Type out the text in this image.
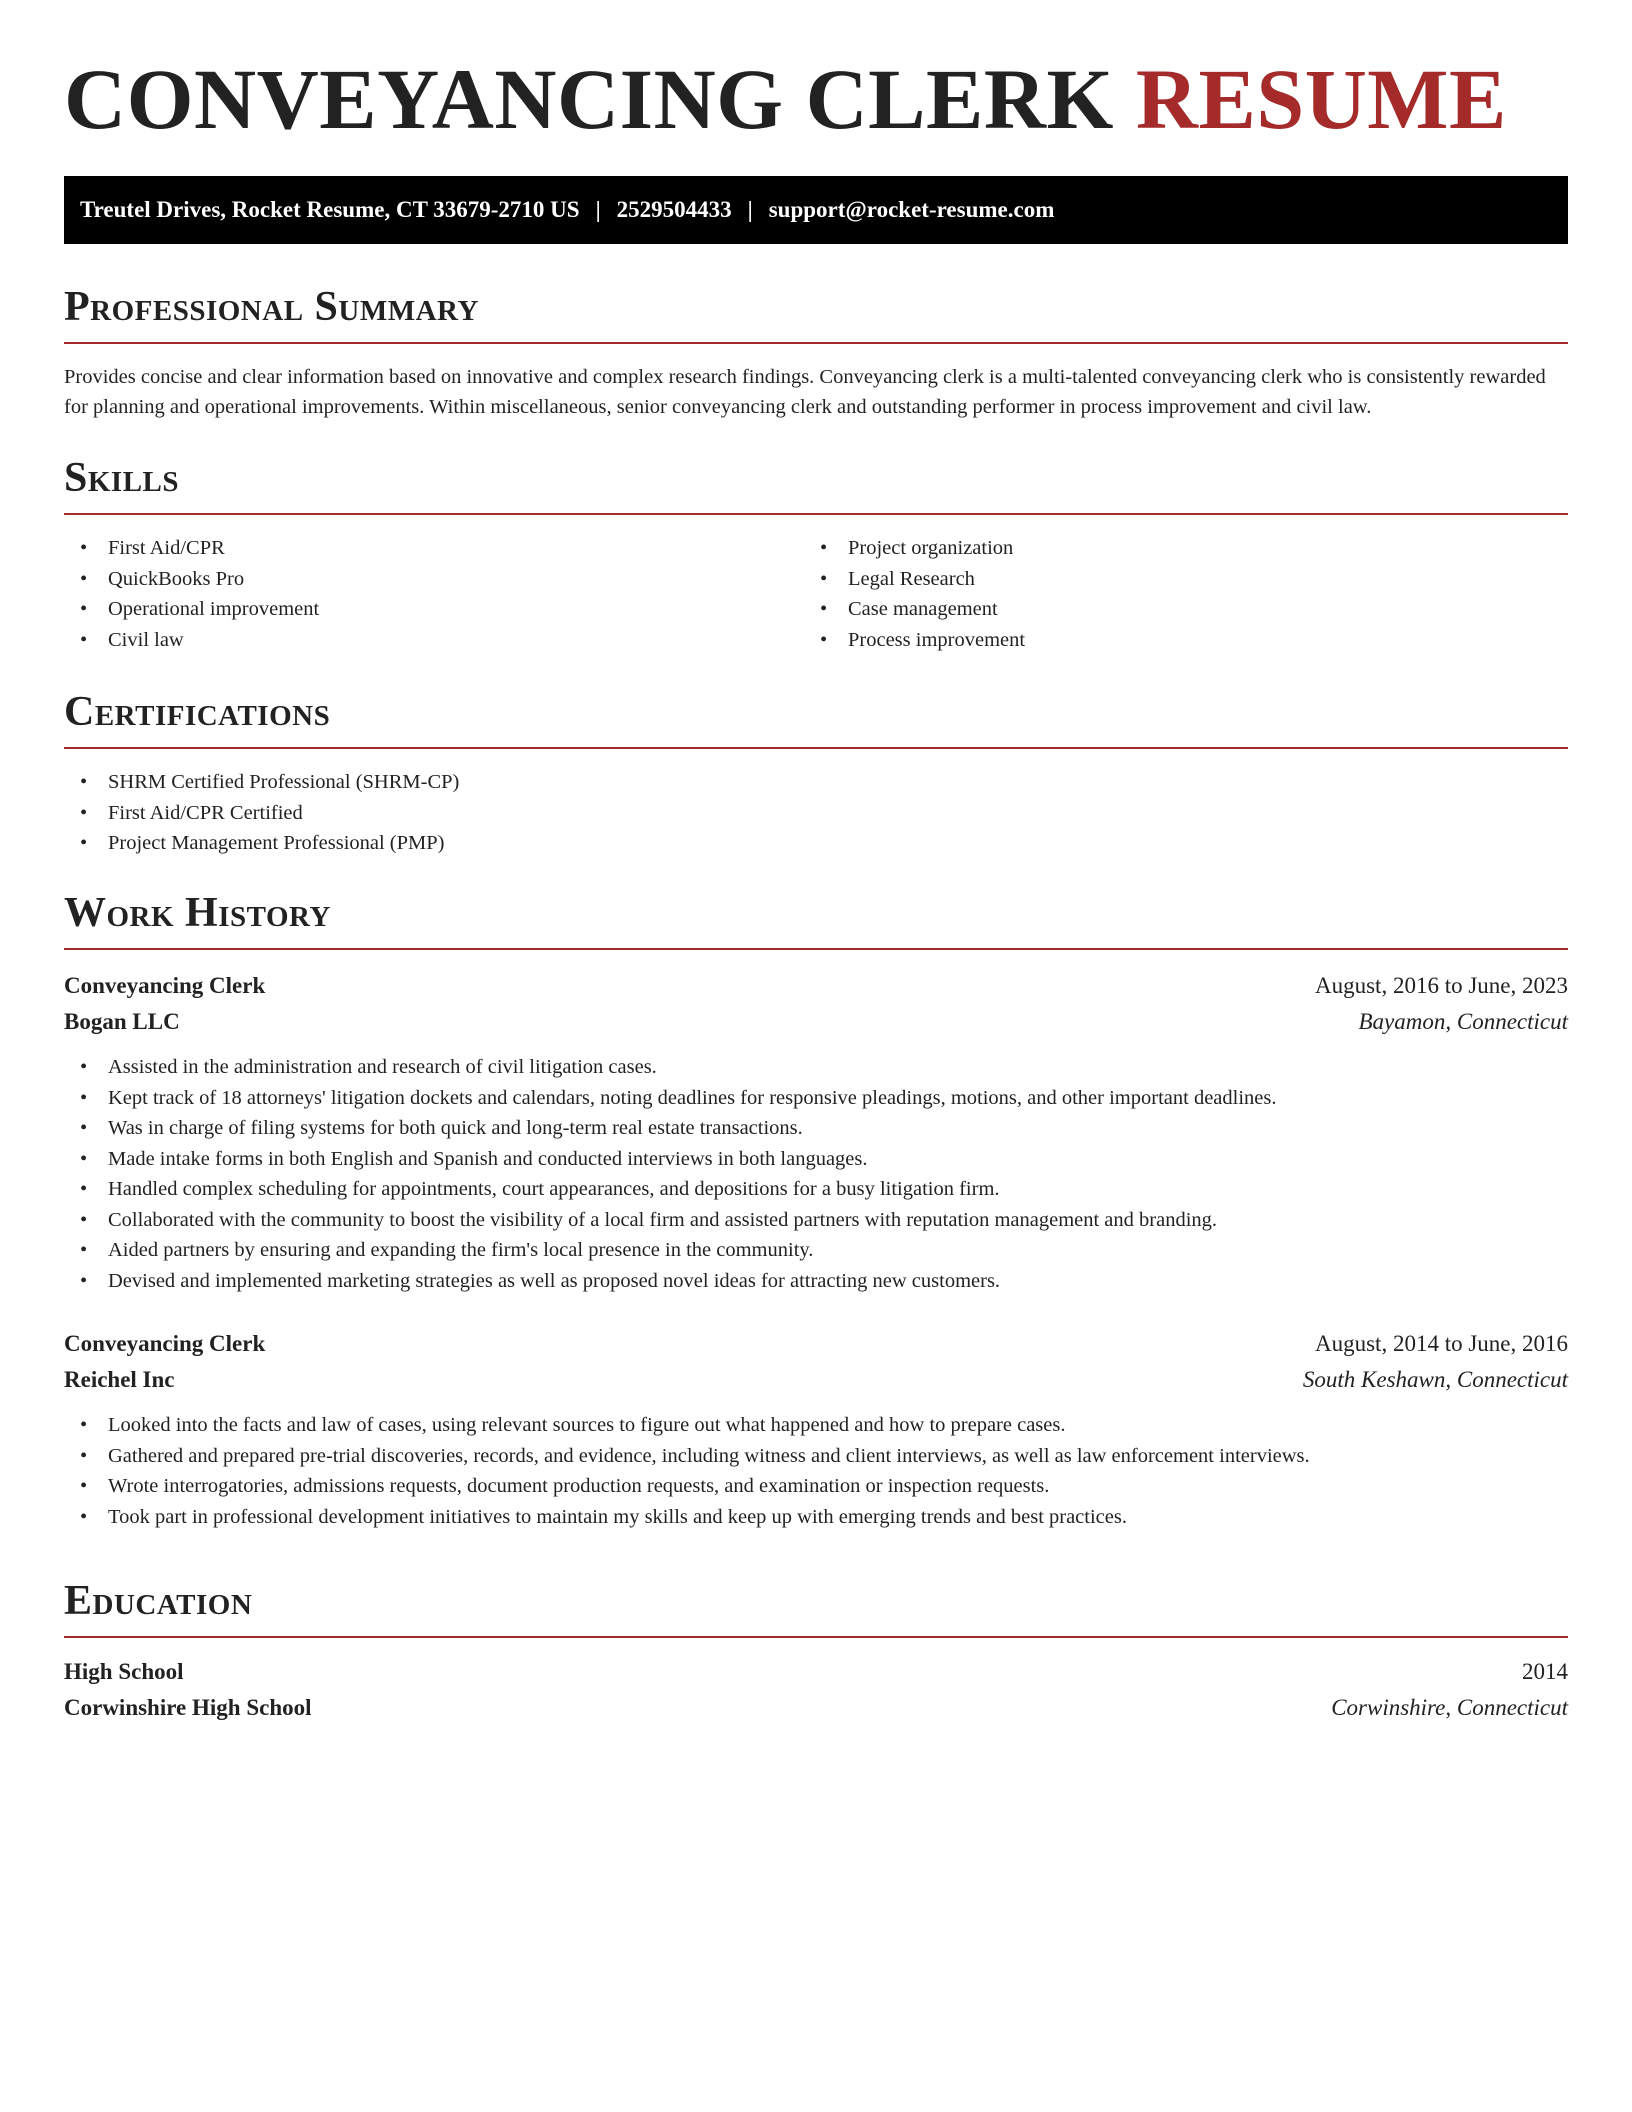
CONVEYANCING CLERK RESUME
Treutel Drives, Rocket Resume, CT 33679-2710 US | 2529504433 | support@rocket-resume.com
Professional Summary

Provides concise and clear information based on innovative and complex research findings. Conveyancing clerk is a multi-talented conveyancing clerk who is consistently rewarded for planning and operational improvements. Within miscellaneous, senior conveyancing clerk and outstanding performer in process improvement and civil law.

Skills
• First Aid/CPR
• QuickBooks Pro
• Operational improvement
• Civil law
• Project organization
• Legal Research
• Case management
• Process improvement
Certifications
• SHRM Certified Professional (SHRM-CP)
• First Aid/CPR Certified
• Project Management Professional (PMP)
Work History
Conveyancing Clerk	August, 2016 to June, 2023
Bogan LLC	Bayamon, Connecticut
• Assisted in the administration and research of civil litigation cases.
• Kept track of 18 attorneys' litigation dockets and calendars, noting deadlines for responsive pleadings, motions, and other important deadlines.
• Was in charge of filing systems for both quick and long-term real estate transactions.
• Made intake forms in both English and Spanish and conducted interviews in both languages.
• Handled complex scheduling for appointments, court appearances, and depositions for a busy litigation firm.
• Collaborated with the community to boost the visibility of a local firm and assisted partners with reputation management and branding.
• Aided partners by ensuring and expanding the firm's local presence in the community.
• Devised and implemented marketing strategies as well as proposed novel ideas for attracting new customers.
Conveyancing Clerk	August, 2014 to June, 2016
Reichel Inc	South Keshawn, Connecticut
• Looked into the facts and law of cases, using relevant sources to figure out what happened and how to prepare cases.
• Gathered and prepared pre-trial discoveries, records, and evidence, including witness and client interviews, as well as law enforcement interviews.
• Wrote interrogatories, admissions requests, document production requests, and examination or inspection requests.
• Took part in professional development initiatives to maintain my skills and keep up with emerging trends and best practices.
Education
High School	2014
Corwinshire High School	Corwinshire, Connecticut
